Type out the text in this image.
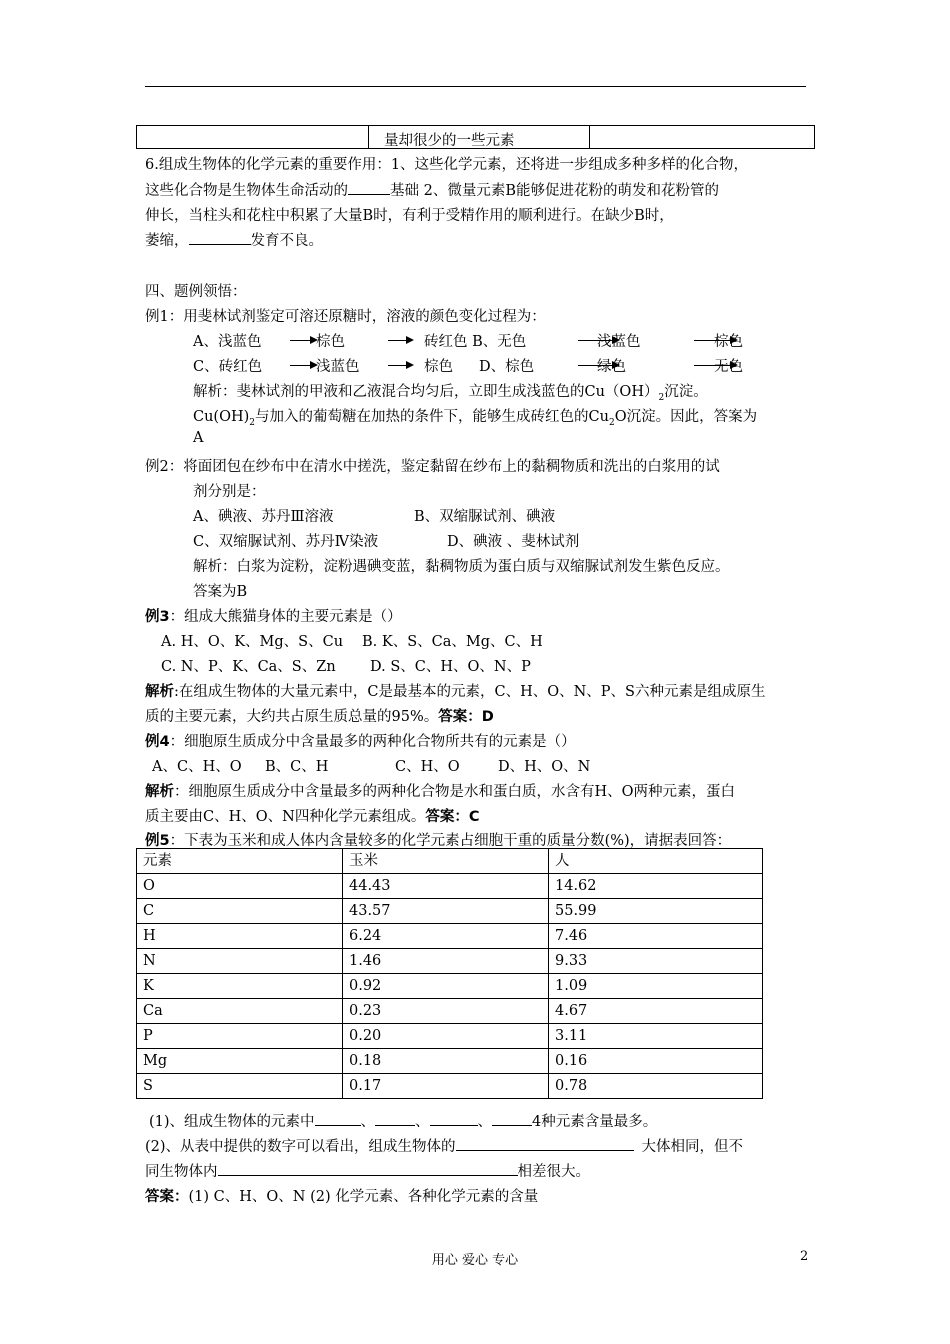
量却很少的一些元素
6.组成生物体的化学元素的重要作用：1、这些化学元素，还将进一步组成多种多样的化合物，
这些化合物是生物体生命活动的	基础 2、微量元素B能够促进花粉的萌发和花粉管的
伸长，当柱头和花柱中积累了大量B时，有利于受精作用的顺利进行。在缺少B时，
萎缩，	发育不良。
四、题例领悟：
例1：用斐林试剂鉴定可溶还原糖时，溶液的颜色变化过程为：
A、浅蓝色	棕色	砖红色 B、无色	浅蓝色	棕色
C、砖红色	浅蓝色	棕色 D、棕色	绿色	无色
解析：斐林试剂的甲液和乙液混合均匀后，立即生成浅蓝色的$Cu(OH)_2$沉淀。
$Cu(OH)_2$与加入的葡萄糖在加热的条件下，能够生成砖红色的$Cu_2O$沉淀。因此，答案为
A
例2：将面团包在纱布中在清水中搓洗，鉴定黏留在纱布上的黏稠物质和洗出的白浆用的试
剂分别是：
A、碘液、苏丹Ⅲ溶液	B、双缩脲试剂、碘液
C、双缩脲试剂、苏丹Ⅳ染液	D、碘液 、斐林试剂
解析：白浆为淀粉，淀粉遇碘变蓝，黏稠物质为蛋白质与双缩脲试剂发生紫色反应。
答案为B
例3：组成大熊猫身体的主要元素是（）
A. H、O、K、Mg、S、Cu B. K、S、Ca、Mg、C、H
C. N、P、K、Ca、S、Zn D. S、C、H、O、N、P
解析:在组成生物体的大量元素中，C是最基本的元素，C、H、O、N、P、S六种元素是组成原生
质的主要元素，大约共占原生质总量的95%。答案：D
例4：细胞原生质成分中含量最多的两种化合物所共有的元素是（）
A、C、H、O B、C、H	C、H、O	D、H、O、N
解析：细胞原生质成分中含量最多的两种化合物是水和蛋白质，水含有H、O两种元素，蛋白
质主要由C、H、O、N四种化学元素组成。答案：C
例5：下表为玉米和成人体内含量较多的化学元素占细胞干重的质量分数(%)，请据表回答：
元素	玉米	人
O	44.43	14.62
C	43.57	55.99
H	6.24	7.46
N	1.46	9.33
K	0.92	1.09
Ca	0.23	4.67
P	0.20	3.11
Mg	0.18	0.16
S	0.17	0.78
(1)、组成生物体的元素中	、	、	、	4种元素含量最多。
(2)、从表中提供的数字可以看出，组成生物体的	大体相同，但不
同生物体内	相差很大。
答案：(1) C、H、O、N (2) 化学元素、各种化学元素的含量
用心 爱心 专心	2
